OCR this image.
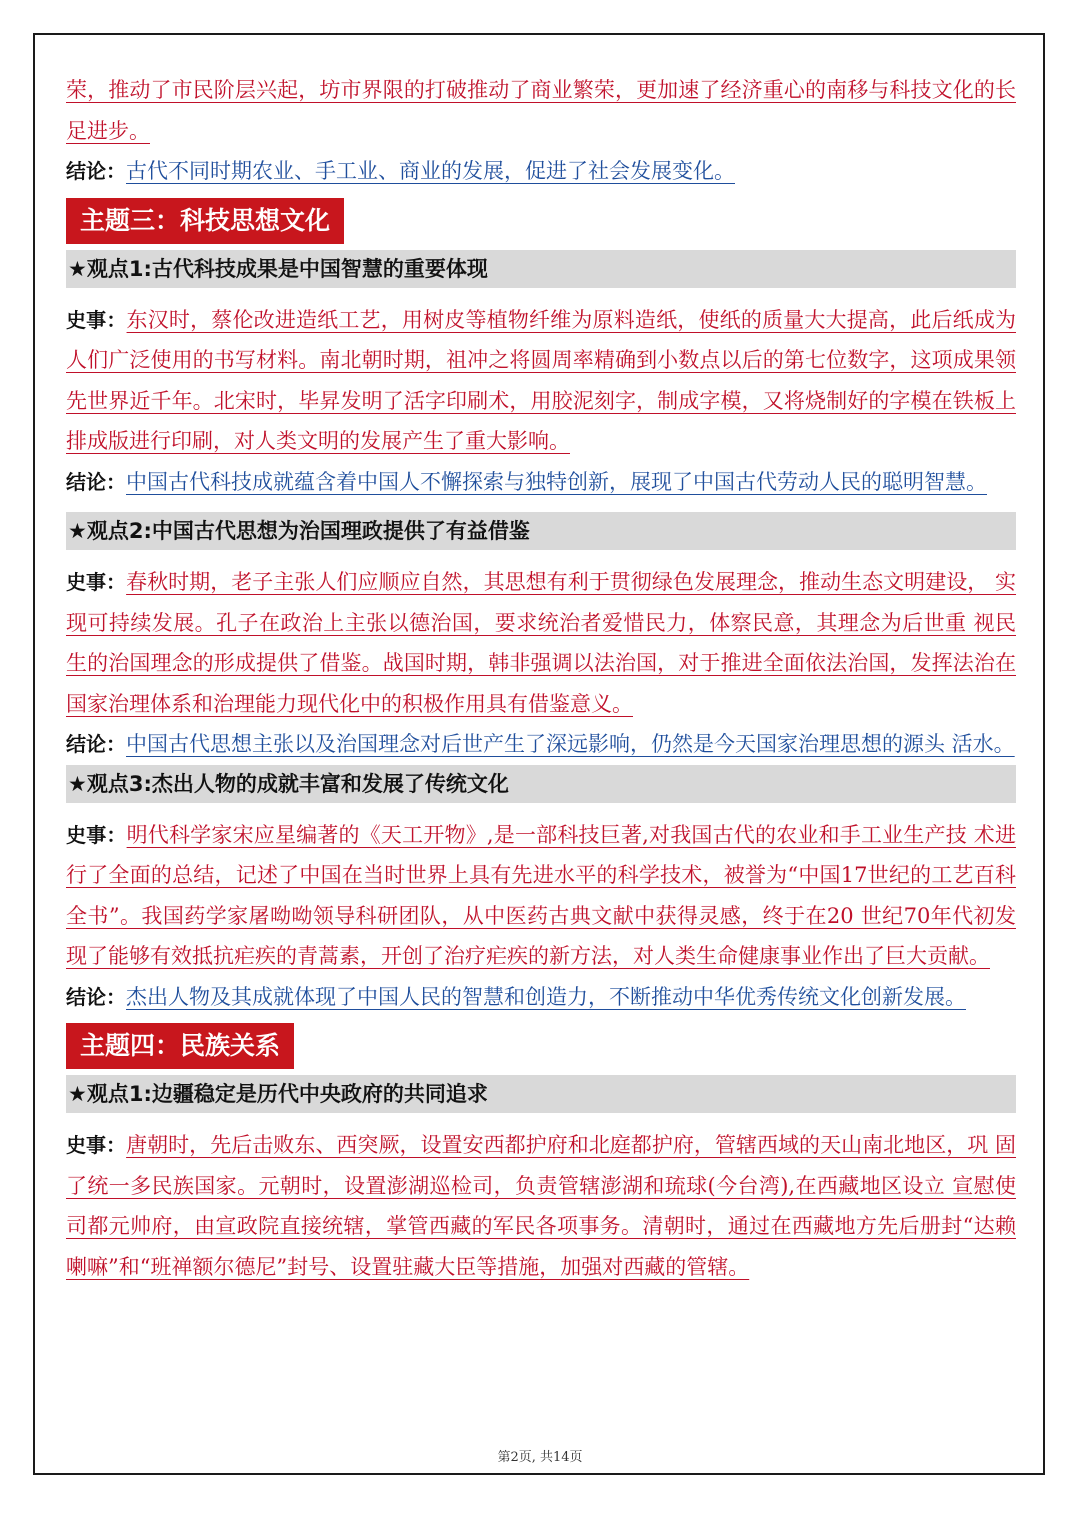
荣，推动了市民阶层兴起，坊市界限的打破推动了商业繁荣，更加速了经济重心的南移与科技文化的长足进步。

结论：古代不同时期农业、手工业、商业的发展，促进了社会发展变化。

主题三：科技思想文化
★观点1:古代科技成果是中国智慧的重要体现

史事：东汉时，蔡伦改进造纸工艺，用树皮等植物纤维为原料造纸，使纸的质量大大提高，此后纸成为人们广泛使用的书写材料。南北朝时期，祖冲之将圆周率精确到小数点以后的第七位数字，这项成果领先世界近千年。北宋时，毕昇发明了活字印刷术，用胶泥刻字，制成字模，又将烧制好的字模在铁板上排成版进行印刷，对人类文明的发展产生了重大影响。

结论：中国古代科技成就蕴含着中国人不懈探索与独特创新，展现了中国古代劳动人民的聪明智慧。

★观点2:中国古代思想为治国理政提供了有益借鉴

史事：春秋时期，老子主张人们应顺应自然，其思想有利于贯彻绿色发展理念，推动生态文明建设， 实现可持续发展。孔子在政治上主张以德治国，要求统治者爱惜民力，体察民意，其理念为后世重 视民生的治国理念的形成提供了借鉴。战国时期，韩非强调以法治国，对于推进全面依法治国，发挥法治在国家治理体系和治理能力现代化中的积极作用具有借鉴意义。

结论：中国古代思想主张以及治国理念对后世产生了深远影响，仍然是今天国家治理思想的源头 活水。

★观点3:杰出人物的成就丰富和发展了传统文化

史事：明代科学家宋应星编著的《天工开物》,是一部科技巨著,对我国古代的农业和手工业生产技 术进行了全面的总结，记述了中国在当时世界上具有先进水平的科学技术，被誉为“中国17世纪的工艺百科全书”。我国药学家屠呦呦领导科研团队，从中医药古典文献中获得灵感，终于在20 世纪70年代初发现了能够有效抵抗疟疾的青蒿素，开创了治疗疟疾的新方法，对人类生命健康事业作出了巨大贡献。

结论：杰出人物及其成就体现了中国人民的智慧和创造力，不断推动中华优秀传统文化创新发展。

主题四：民族关系
★观点1:边疆稳定是历代中央政府的共同追求

史事：唐朝时，先后击败东、西突厥，设置安西都护府和北庭都护府，管辖西域的天山南北地区，巩 固了统一多民族国家。元朝时，设置澎湖巡检司，负责管辖澎湖和琉球(今台湾),在西藏地区设立 宣慰使司都元帅府，由宣政院直接统辖，掌管西藏的军民各项事务。清朝时，通过在西藏地方先后册封“达赖喇嘛”和“班禅额尔德尼”封号、设置驻藏大臣等措施，加强对西藏的管辖。

第2页, 共14页
